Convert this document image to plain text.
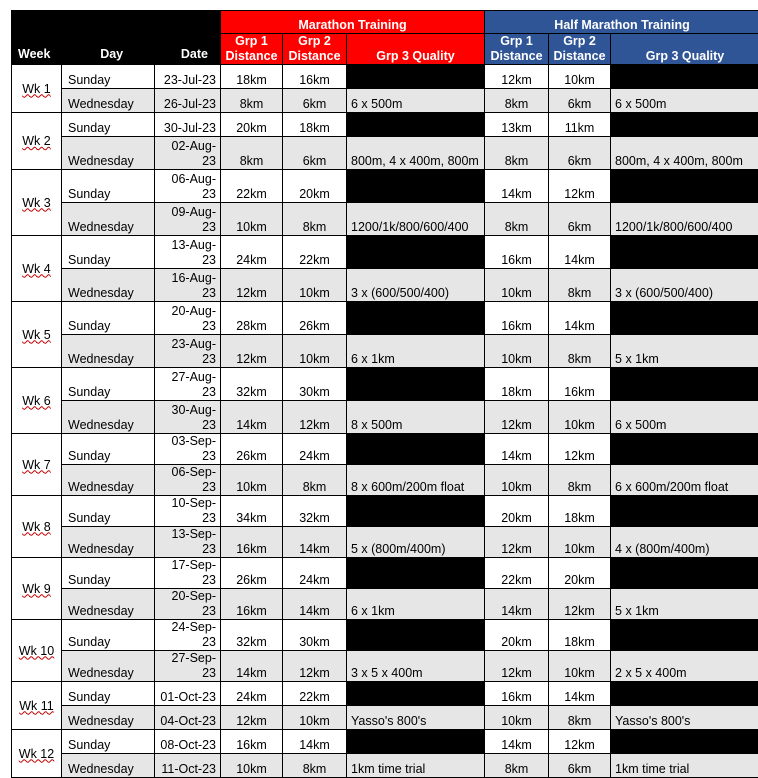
Week Day Date			Marathon Training			Half Marathon Training		
			Grp 1 Distance	Grp 2 Distance	Grp 3 Quality	Grp 1 Distance	Grp 2 Distance	Grp 3 Quality
Wk 1	Sunday	23-Jul-23	18km	16km		12km	10km	
	Wednesday	26-Jul-23	8km	6km	6 x 500m	8km	6km	6 x 500m
Wk 2	Sunday	30-Jul-23	20km	18km		13km	11km	
	Wednesday	02-Aug-23	8km	6km	800m, 4 x 400m, 800m	8km	6km	800m, 4 x 400m, 800m
Wk 3	Sunday	06-Aug-23	22km	20km		14km	12km	
	Wednesday	09-Aug-23	10km	8km	1200/1k/800/600/400	8km	6km	1200/1k/800/600/400
Wk 4	Sunday	13-Aug-23	24km	22km		16km	14km	
	Wednesday	16-Aug-23	12km	10km	3 x (600/500/400)	10km	8km	3 x (600/500/400)
Wk 5	Sunday	20-Aug-23	28km	26km		16km	14km	
	Wednesday	23-Aug-23	12km	10km	6 x 1km	10km	8km	5 x 1km
Wk 6	Sunday	27-Aug-23	32km	30km		18km	16km	
	Wednesday	30-Aug-23	14km	12km	8 x 500m	12km	10km	6 x 500m
Wk 7	Sunday	03-Sep-23	26km	24km		14km	12km	
	Wednesday	06-Sep-23	10km	8km	8 x 600m/200m float	10km	8km	6 x 600m/200m float
Wk 8	Sunday	10-Sep-23	34km	32km		20km	18km	
	Wednesday	13-Sep-23	16km	14km	5 x (800m/400m)	12km	10km	4 x (800m/400m)
Wk 9	Sunday	17-Sep-23	26km	24km		22km	20km	
	Wednesday	20-Sep-23	16km	14km	6 x 1km	14km	12km	5 x 1km
Wk 10	Sunday	24-Sep-23	32km	30km		20km	18km	
	Wednesday	27-Sep-23	14km	12km	3 x 5 x 400m	12km	10km	2 x 5 x 400m
Wk 11	Sunday	01-Oct-23	24km	22km		16km	14km	
	Wednesday	04-Oct-23	12km	10km	Yasso's 800's	10km	8km	Yasso's 800's
Wk 12	Sunday	08-Oct-23	16km	14km		14km	12km	
	Wednesday	11-Oct-23	10km	8km	1km time trial	8km	6km	1km time trial
